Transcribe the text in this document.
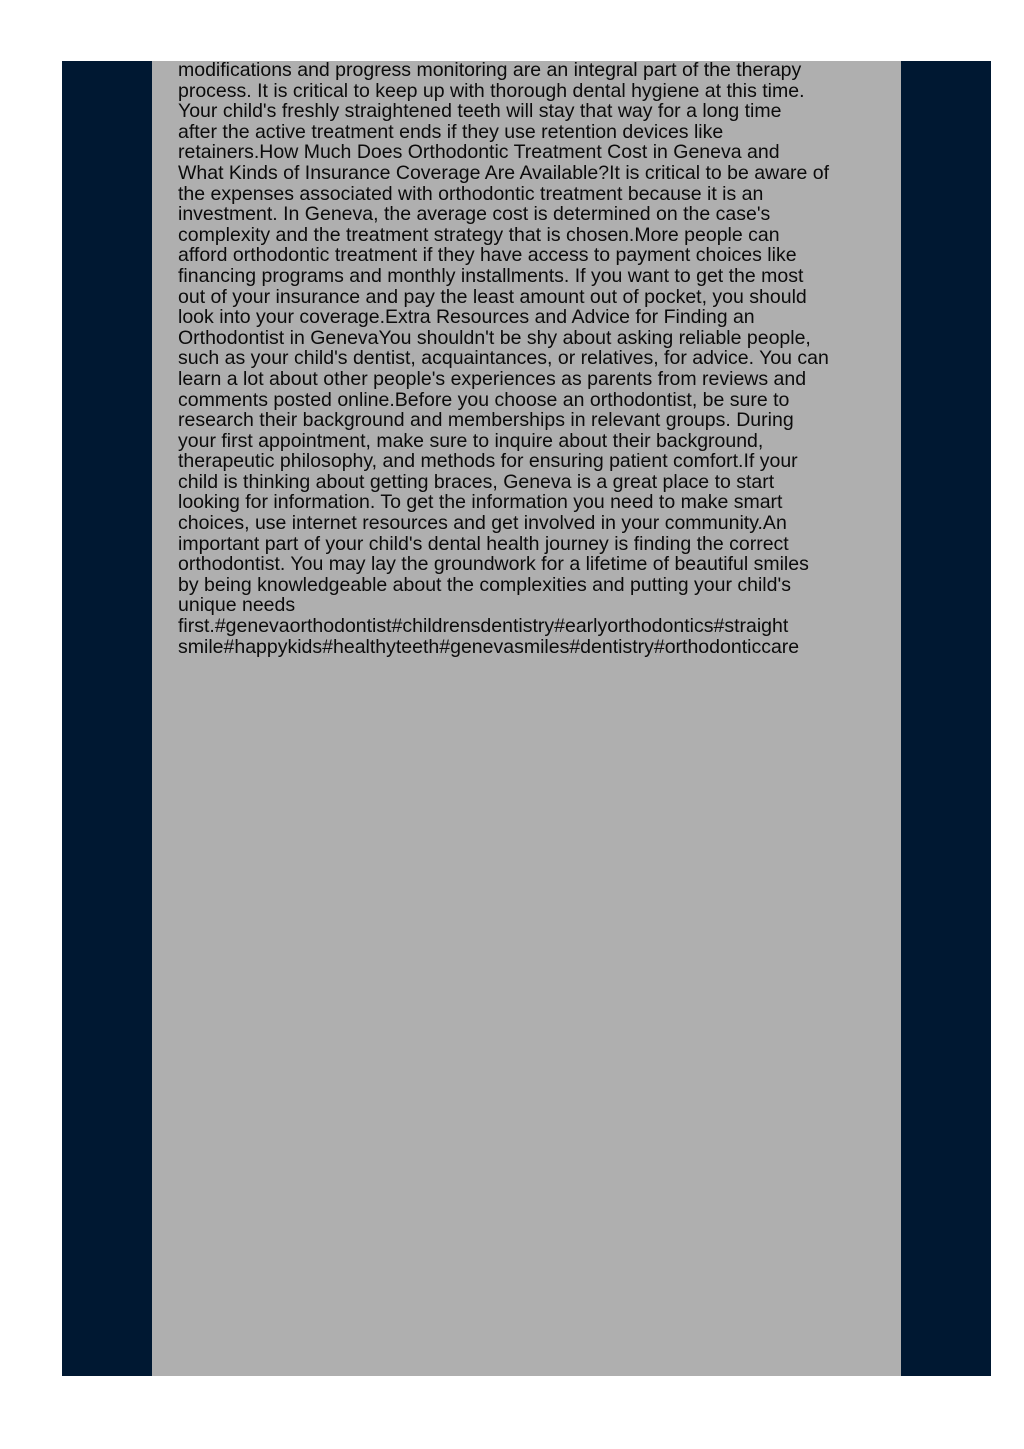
modifications and progress monitoring are an integral part of the therapy
process. It is critical to keep up with thorough dental hygiene at this time.
Your child's freshly straightened teeth will stay that way for a long time
after the active treatment ends if they use retention devices like
retainers.How Much Does Orthodontic Treatment Cost in Geneva and
What Kinds of Insurance Coverage Are Available?It is critical to be aware of
the expenses associated with orthodontic treatment because it is an
investment. In Geneva, the average cost is determined on the case's
complexity and the treatment strategy that is chosen.More people can
afford orthodontic treatment if they have access to payment choices like
financing programs and monthly installments. If you want to get the most
out of your insurance and pay the least amount out of pocket, you should
look into your coverage.Extra Resources and Advice for Finding an
Orthodontist in GenevaYou shouldn't be shy about asking reliable people,
such as your child's dentist, acquaintances, or relatives, for advice. You can
learn a lot about other people's experiences as parents from reviews and
comments posted online.Before you choose an orthodontist, be sure to
research their background and memberships in relevant groups. During
your first appointment, make sure to inquire about their background,
therapeutic philosophy, and methods for ensuring patient comfort.If your
child is thinking about getting braces, Geneva is a great place to start
looking for information. To get the information you need to make smart
choices, use internet resources and get involved in your community.An
important part of your child's dental health journey is finding the correct
orthodontist. You may lay the groundwork for a lifetime of beautiful smiles
by being knowledgeable about the complexities and putting your child's
unique needs
first.#genevaorthodontist#childrensdentistry#earlyorthodontics#straight
smile#happykids#healthyteeth#genevasmiles#dentistry#orthodonticcare
